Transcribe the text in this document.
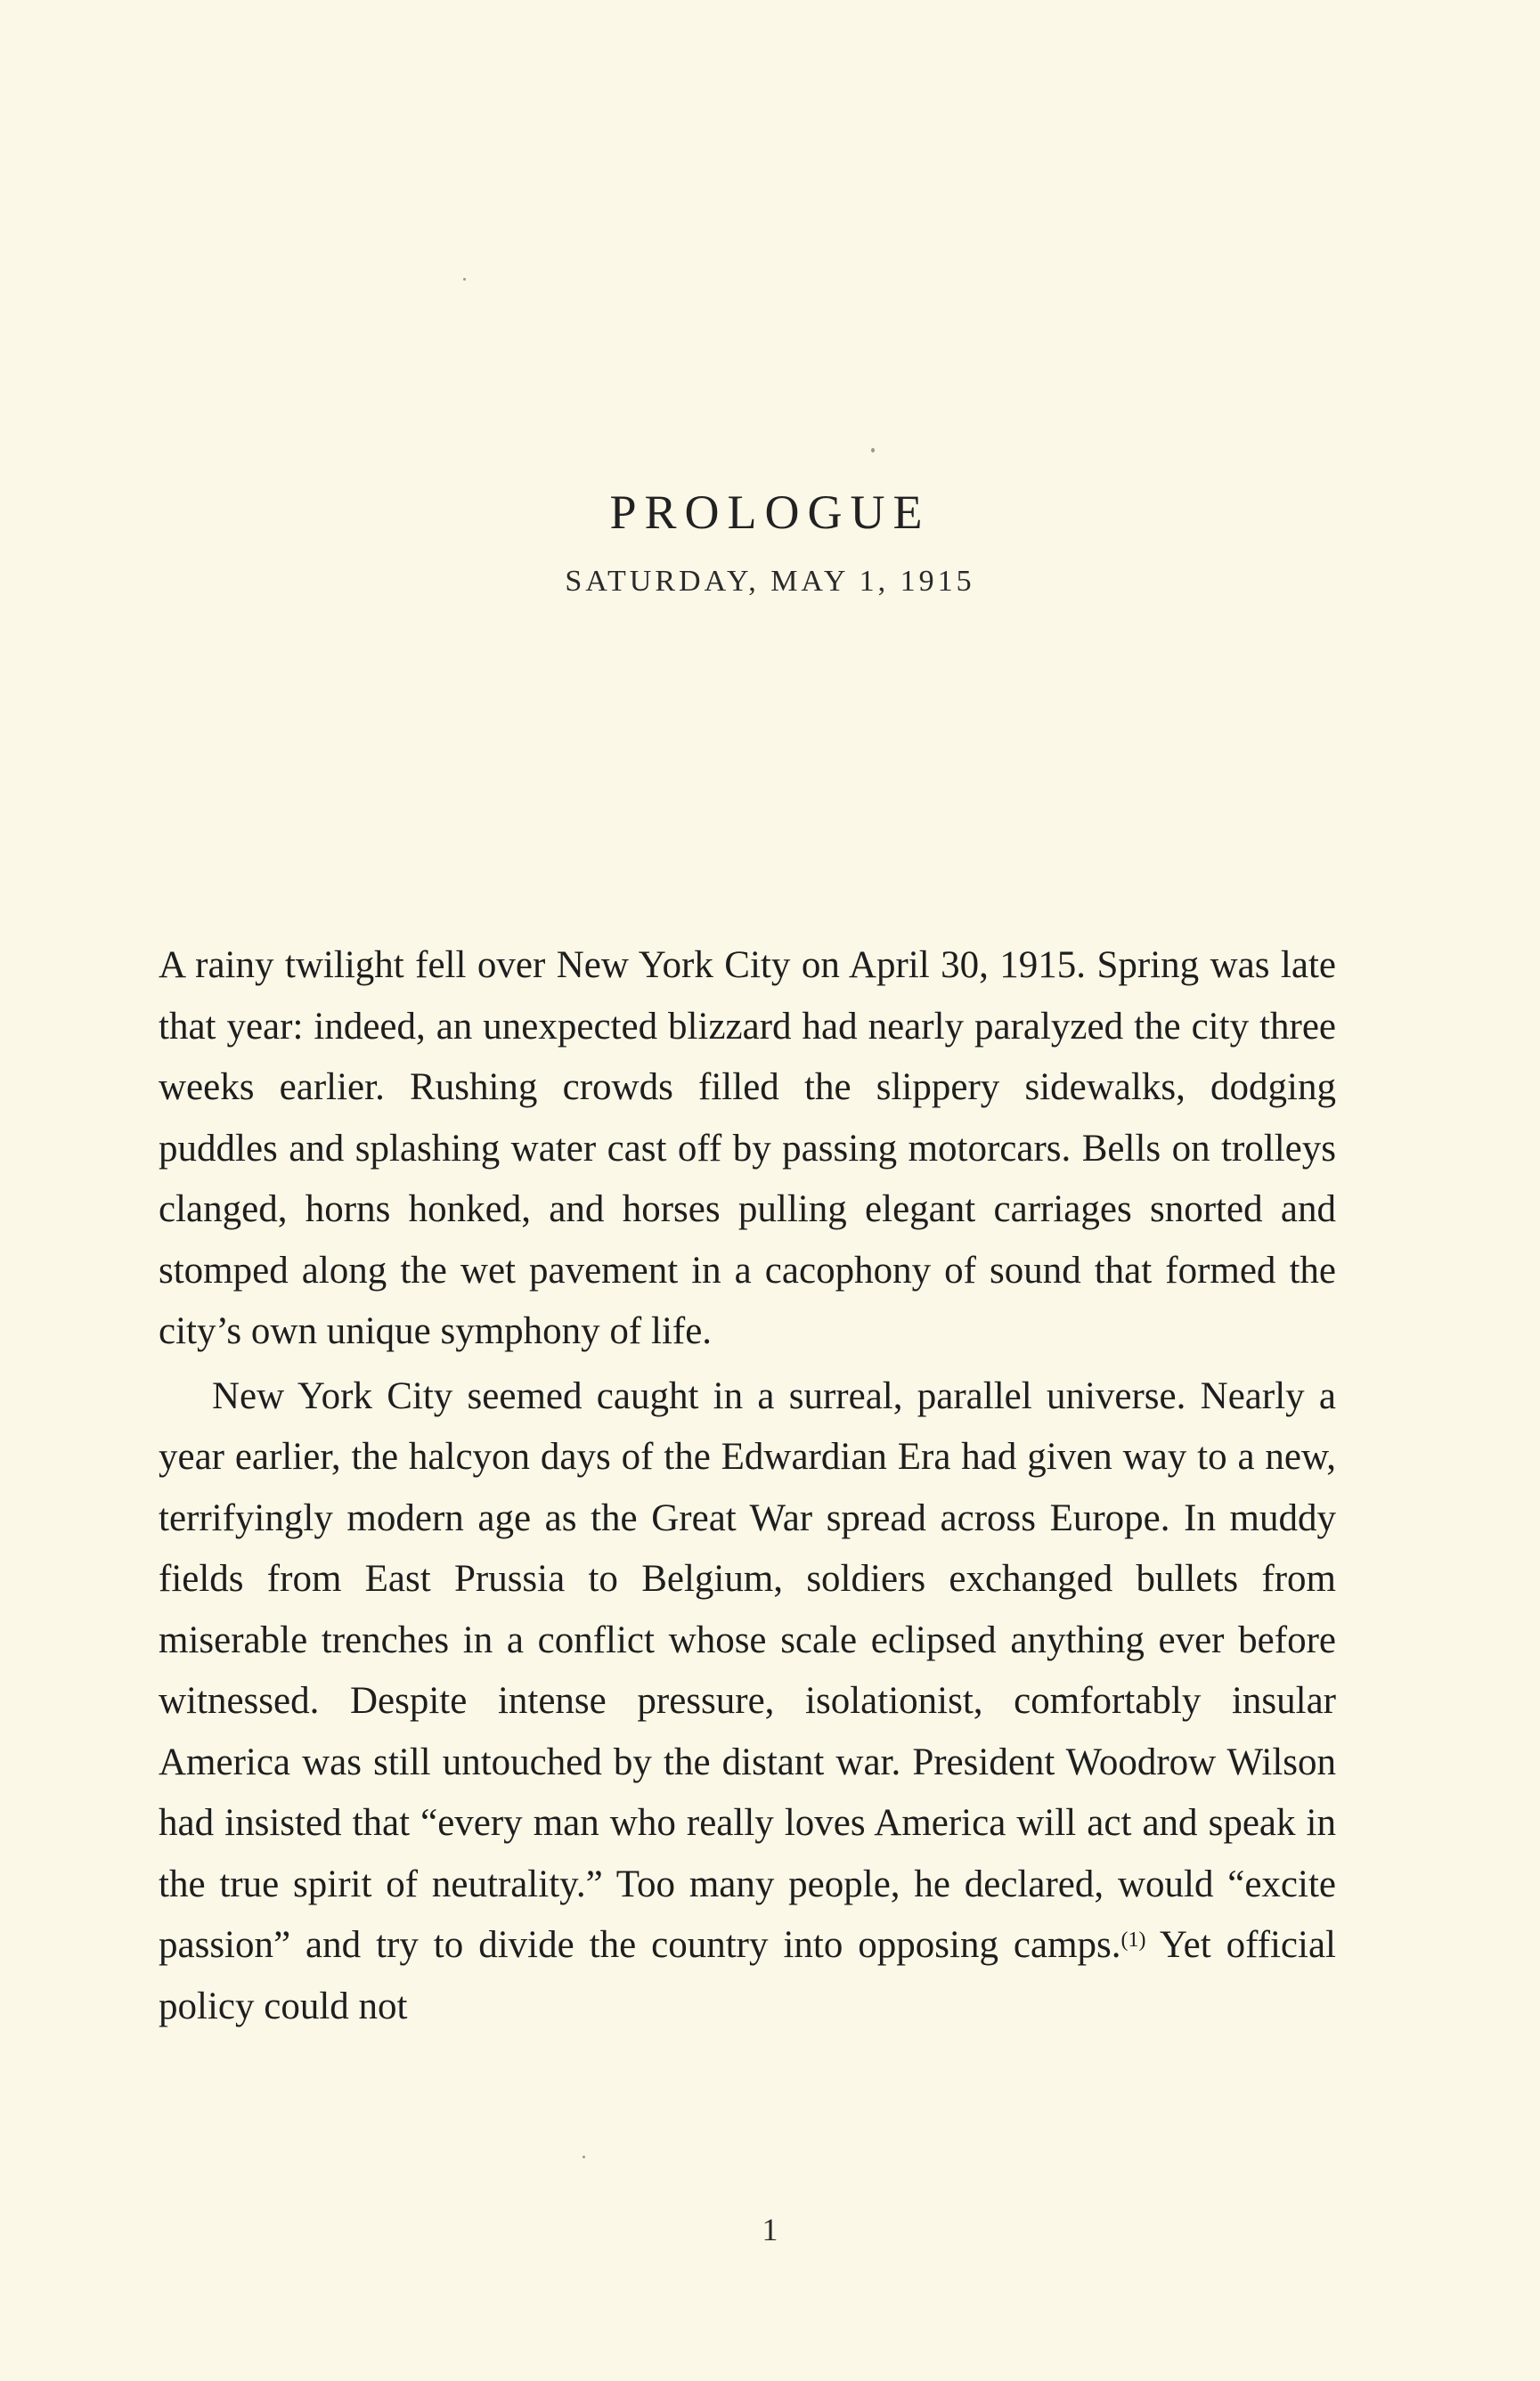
PROLOGUE
SATURDAY, MAY 1, 1915

A rainy twilight fell over New York City on April 30, 1915. Spring was late that year: indeed, an unexpected blizzard had nearly paralyzed the city three weeks earlier. Rushing crowds filled the slippery sidewalks, dodging puddles and splashing water cast off by passing motorcars. Bells on trolleys clanged, horns honked, and horses pulling elegant carriages snorted and stomped along the wet pavement in a cacophony of sound that formed the city’s own unique symphony of life.

New York City seemed caught in a surreal, parallel universe. Nearly a year earlier, the halcyon days of the Edwardian Era had given way to a new, terrifyingly modern age as the Great War spread across Europe. In muddy fields from East Prussia to Belgium, soldiers exchanged bullets from miserable trenches in a conflict whose scale eclipsed anything ever before witnessed. Despite intense pressure, isolationist, comfortably insular America was still untouched by the distant war. President Woodrow Wilson had insisted that “every man who really loves America will act and speak in the true spirit of neutrality.” Too many people, he declared, would “excite passion” and try to divide the country into opposing camps.$^{(1)}$ Yet official policy could not

1
